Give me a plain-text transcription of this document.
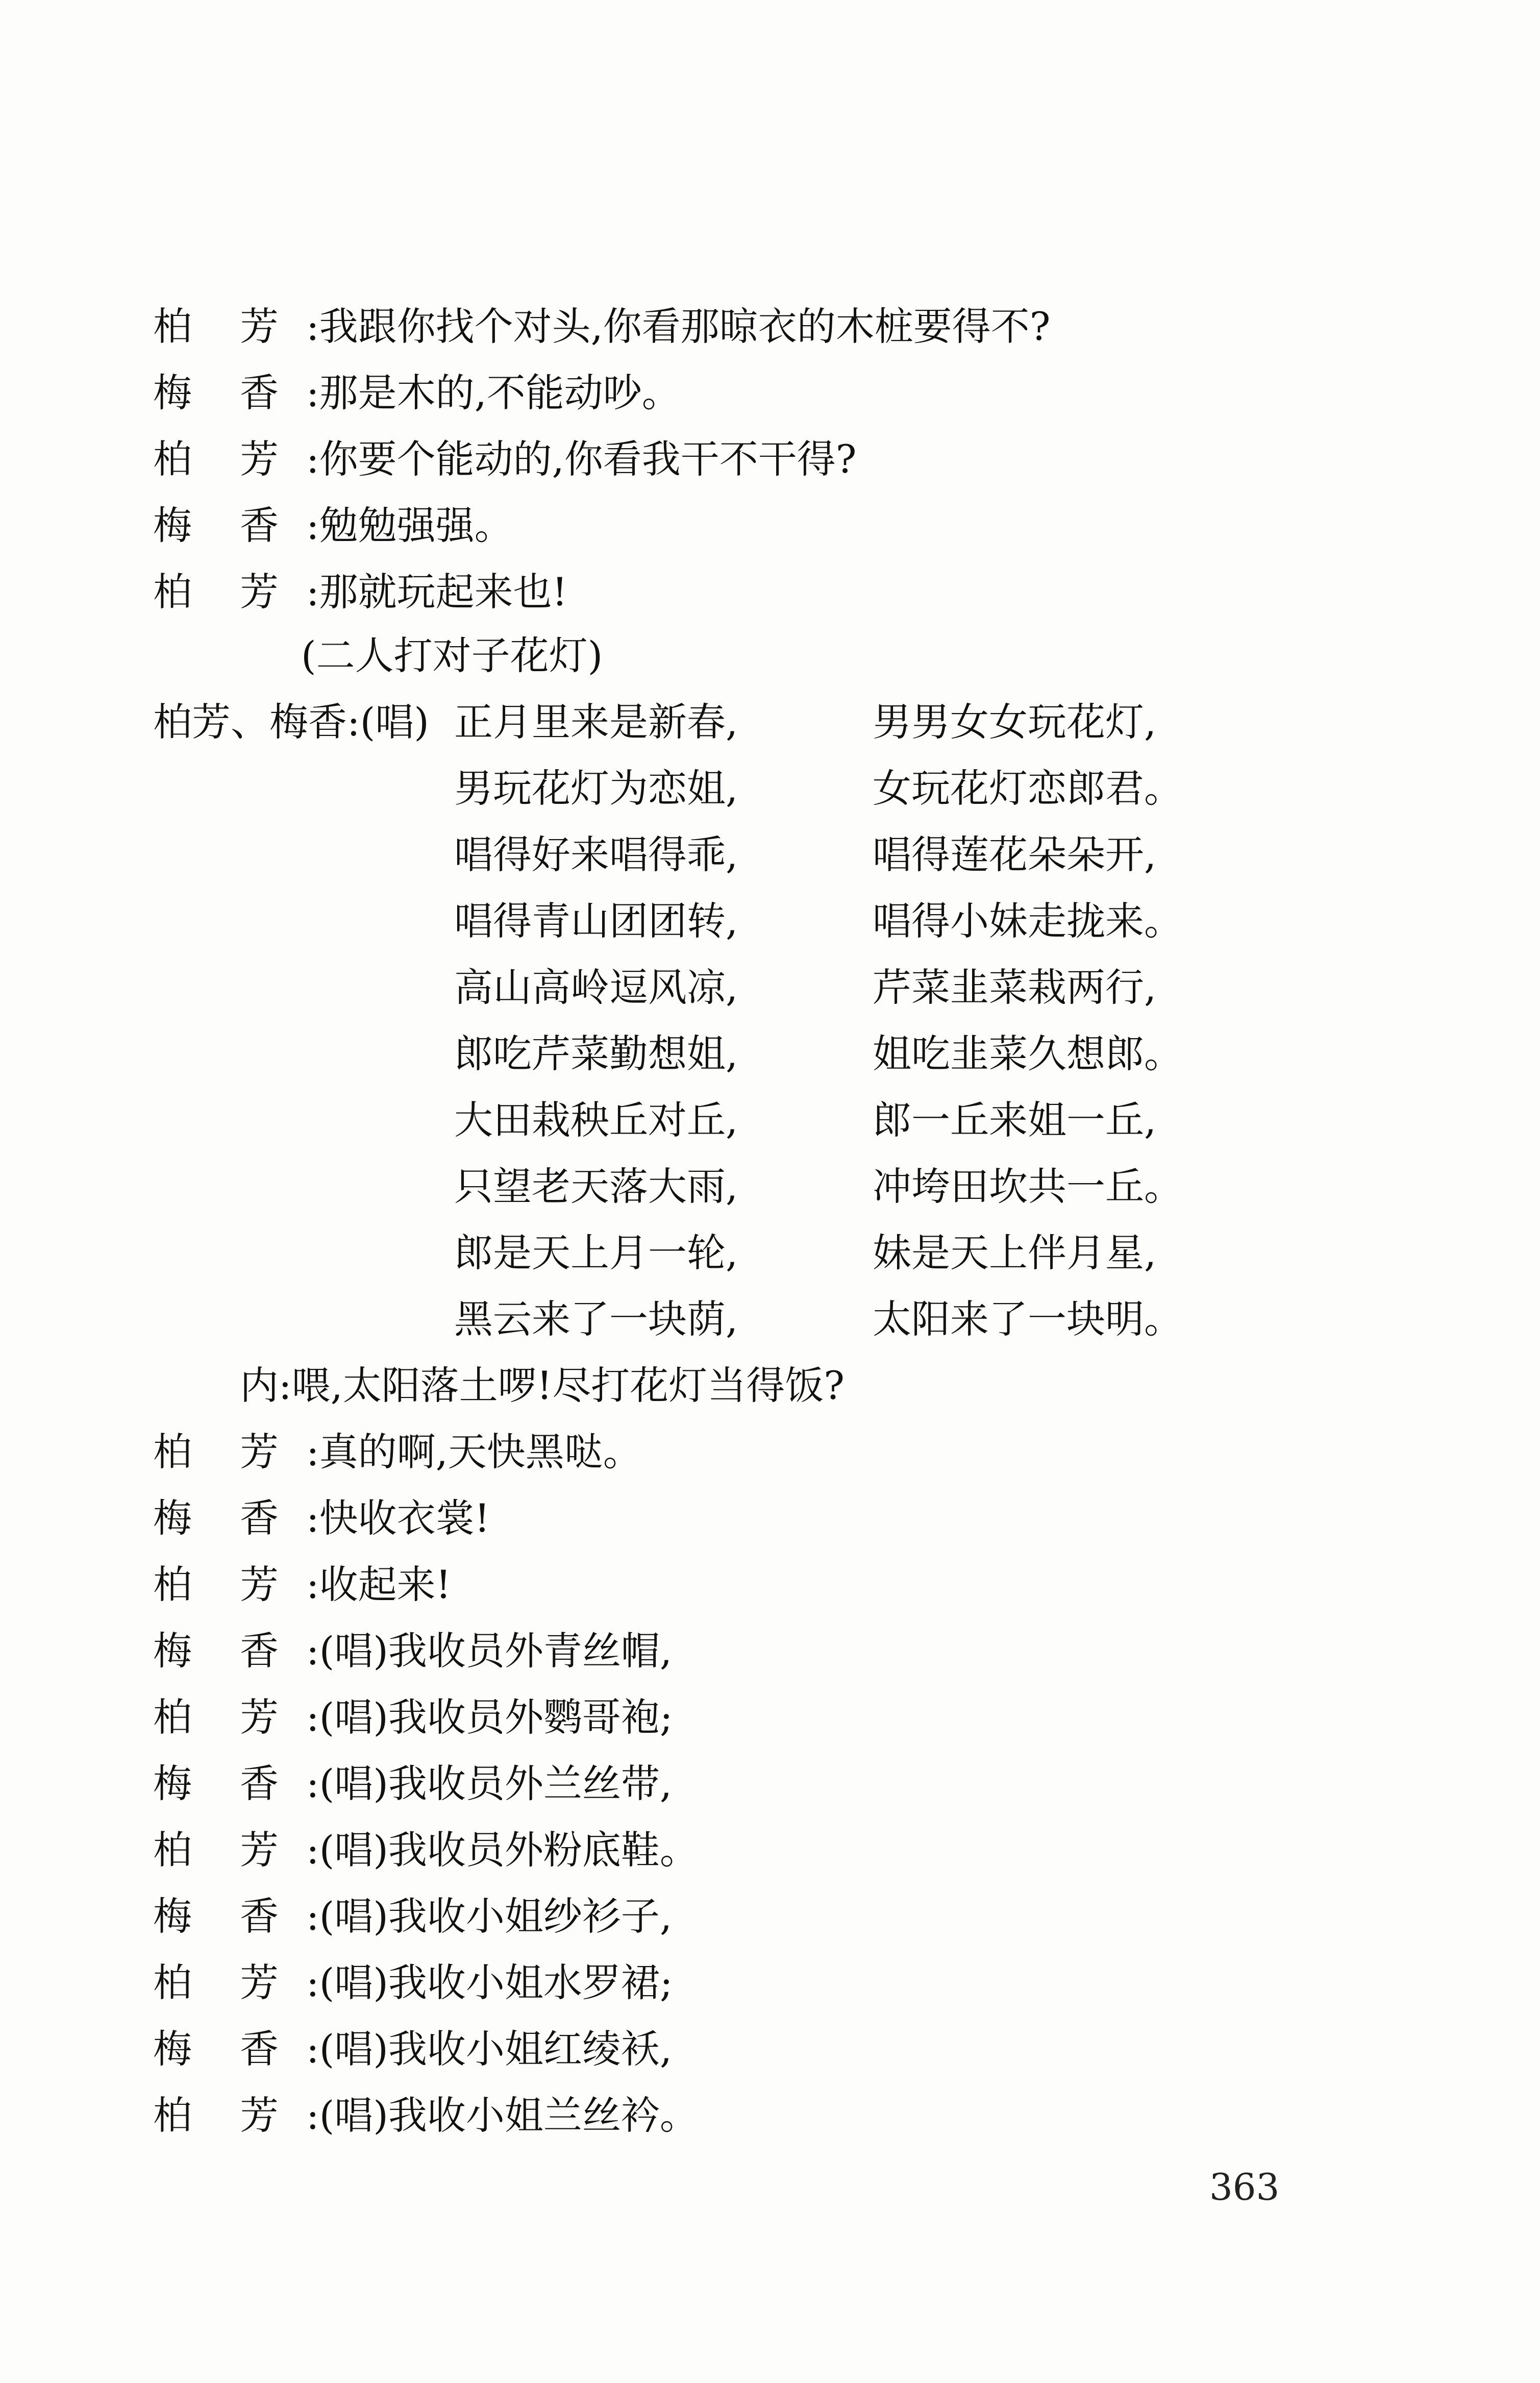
柏 芳 :我跟你找个对头,你看那晾衣的木桩要得不?
梅 香 :那是木的,不能动吵。
柏 芳 :你要个能动的,你看我干不干得?
梅 香 :勉勉强强。
柏 芳 :那就玩起来也!
(二人打对子花灯)
柏芳、梅香:(唱) 正月里来是新春,	男男女女玩花灯,
男玩花灯为恋姐,	女玩花灯恋郎君。
唱得好来唱得乖,	唱得莲花朵朵开,
唱得青山团团转,	唱得小妹走拢来。
高山高岭逗风凉,	芹菜韭菜栽两行,
郎吃芹菜勤想姐,	姐吃韭菜久想郎。
大田栽秧丘对丘,	郎一丘来姐一丘,
只望老天落大雨,	冲垮田坎共一丘。
郎是天上月一轮,	妹是天上伴月星,
黑云来了一块荫,	太阳来了一块明。
内:喂,太阳落土啰!尽打花灯当得饭?
柏 芳 :真的啊,天快黑哒。
梅 香 :快收衣裳!
柏 芳 :收起来!
梅 香 :(唱)我收员外青丝帽,
柏 芳 :(唱)我收员外鹦哥袍;
梅 香 :(唱)我收员外兰丝带,
柏 芳 :(唱)我收员外粉底鞋。
梅 香 :(唱)我收小姐纱衫子,
柏 芳 :(唱)我收小姐水罗裙;
梅 香 :(唱)我收小姐红绫袄,
柏 芳 :(唱)我收小姐兰丝衿。
363
